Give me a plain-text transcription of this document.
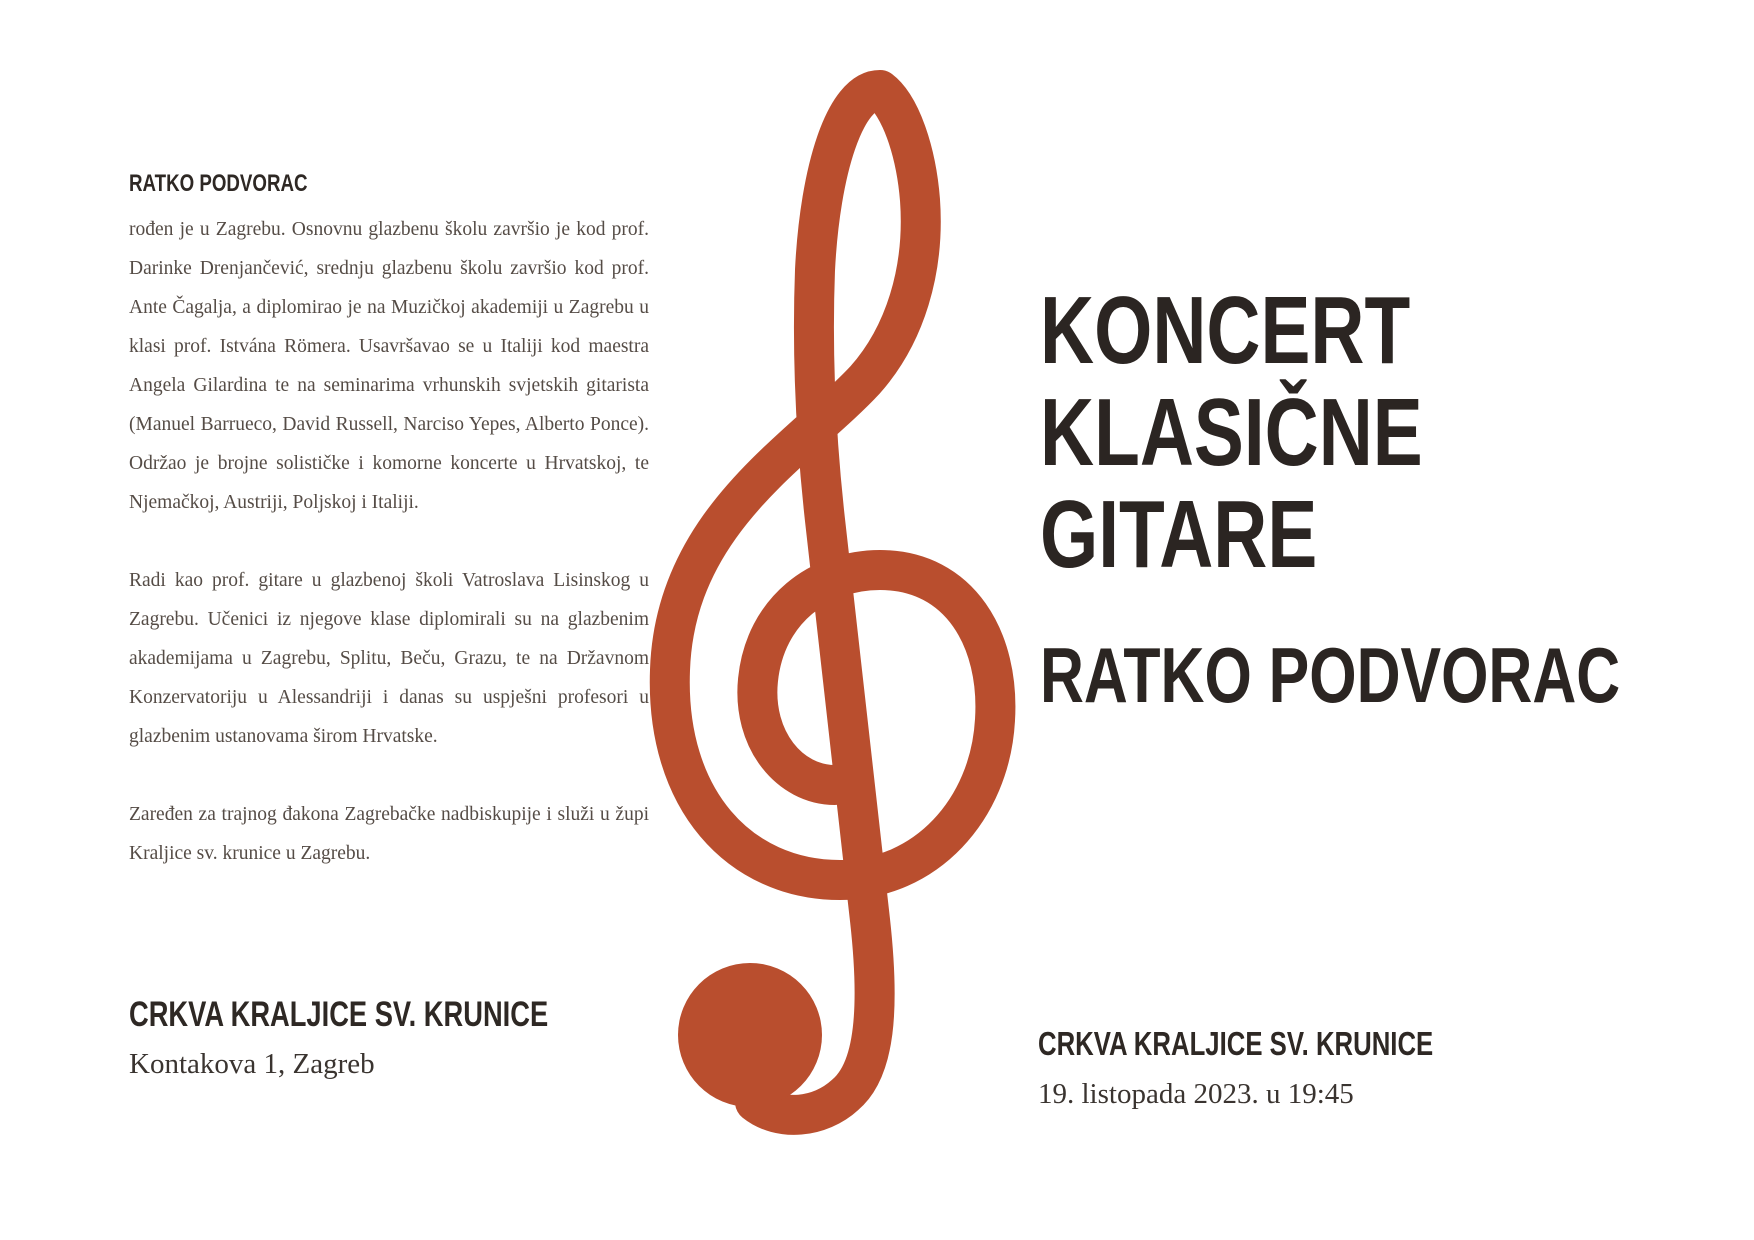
RATKO PODVORAC

rođen je u Zagrebu. Osnovnu glazbenu školu završio je kod prof. Darinke Drenjančević, srednju glazbenu školu završio kod prof. Ante Čagalja, a diplomirao je na Muzičkoj akademiji u Zagrebu u klasi prof. Istvána Römera. Usavršavao se u Italiji kod maestra Angela Gilardina te na seminarima vrhunskih svjetskih gitarista (Manuel Barrueco, David Russell, Narciso Yepes, Alberto Ponce). Održao je brojne solističke i komorne koncerte u Hrvatskoj, te Njemačkoj, Austriji, Poljskoj i Italiji.

Radi kao prof. gitare u glazbenoj školi Vatroslava Lisinskog u Zagrebu. Učenici iz njegove klase diplomirali su na glazbenim akademijama u Zagrebu, Splitu, Beču, Grazu, te na Državnom Konzervatoriju u Alessandriji i danas su uspješni profesori u glazbenim ustanovama širom Hrvatske.

Zaređen za trajnog đakona Zagrebačke nadbiskupije i služi u župi Kraljice sv. krunice u Zagrebu.

CRKVA KRALJICE SV. KRUNICE
Kontakova 1, Zagreb
KONCERT
KLASIČNE
GITARE
RATKO PODVORAC
CRKVA KRALJICE SV. KRUNICE
19. listopada 2023. u 19:45
